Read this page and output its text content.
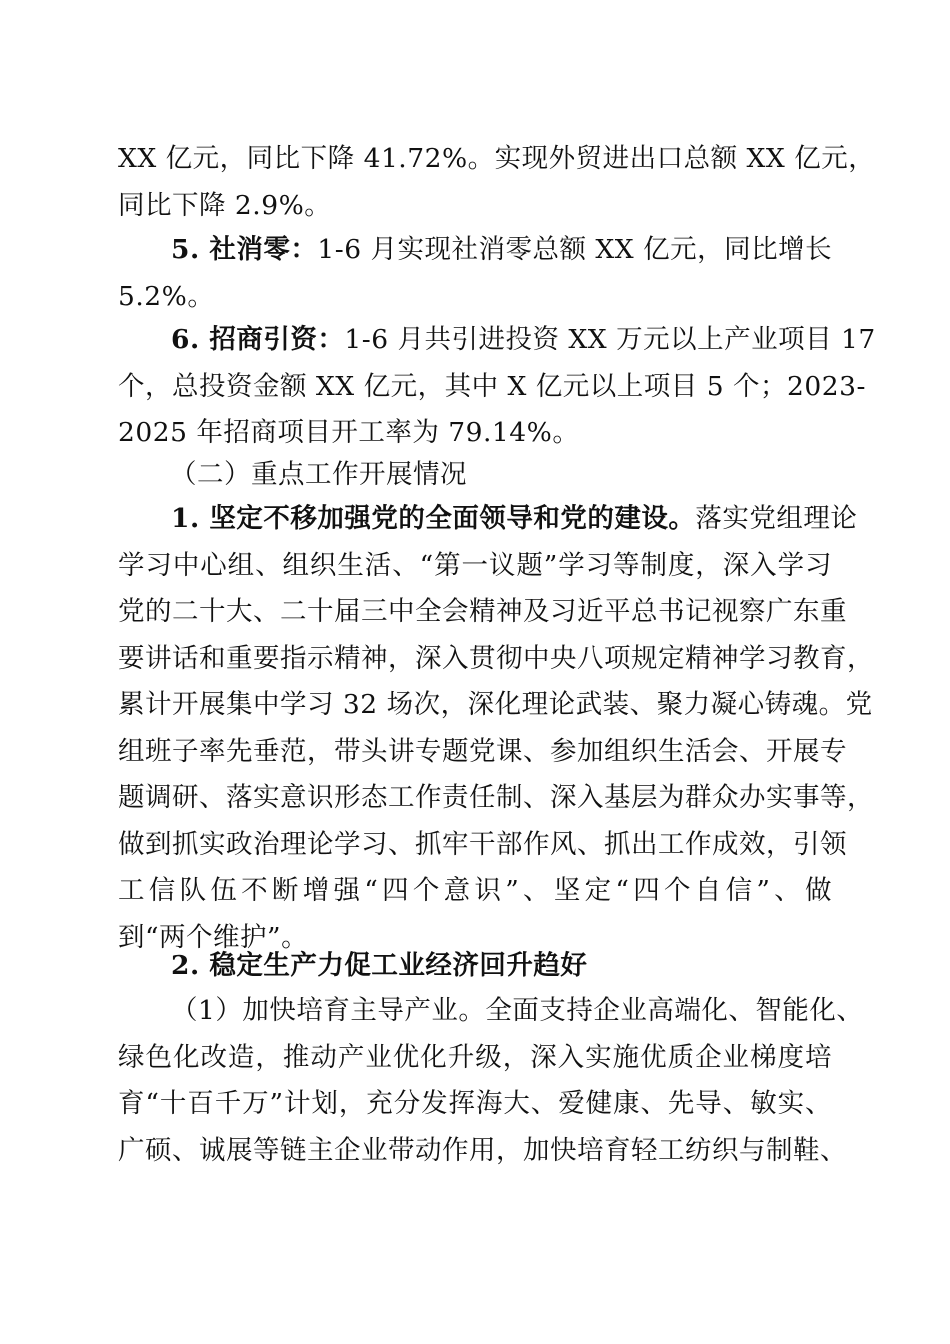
XX 亿元，同比下降 41.72%。实现外贸进出口总额 XX 亿元，
同比下降 2.9%。
5. 社消零：1-6 月实现社消零总额 XX 亿元，同比增长
5.2%。
6. 招商引资：1-6 月共引进投资 XX 万元以上产业项目 17
个，总投资金额 XX 亿元，其中 X 亿元以上项目 5 个；2023-
2025 年招商项目开工率为 79.14%。
（二）重点工作开展情况
1. 坚定不移加强党的全面领导和党的建设。落实党组理论
学习中心组、组织生活、“第一议题”学习等制度，深入学习
党的二十大、二十届三中全会精神及习近平总书记视察广东重
要讲话和重要指示精神，深入贯彻中央八项规定精神学习教育，
累计开展集中学习 32 场次，深化理论武装、聚力凝心铸魂。党
组班子率先垂范，带头讲专题党课、参加组织生活会、开展专
题调研、落实意识形态工作责任制、深入基层为群众办实事等，
做到抓实政治理论学习、抓牢干部作风、抓出工作成效，引领
工信队伍不断增强“四个意识”、坚定“四个自信”、做
到“两个维护”。
2. 稳定生产力促工业经济回升趋好
（1）加快培育主导产业。全面支持企业高端化、智能化、
绿色化改造，推动产业优化升级，深入实施优质企业梯度培
育“十百千万”计划，充分发挥海大、爱健康、先导、敏实、
广硕、诚展等链主企业带动作用，加快培育轻工纺织与制鞋、
